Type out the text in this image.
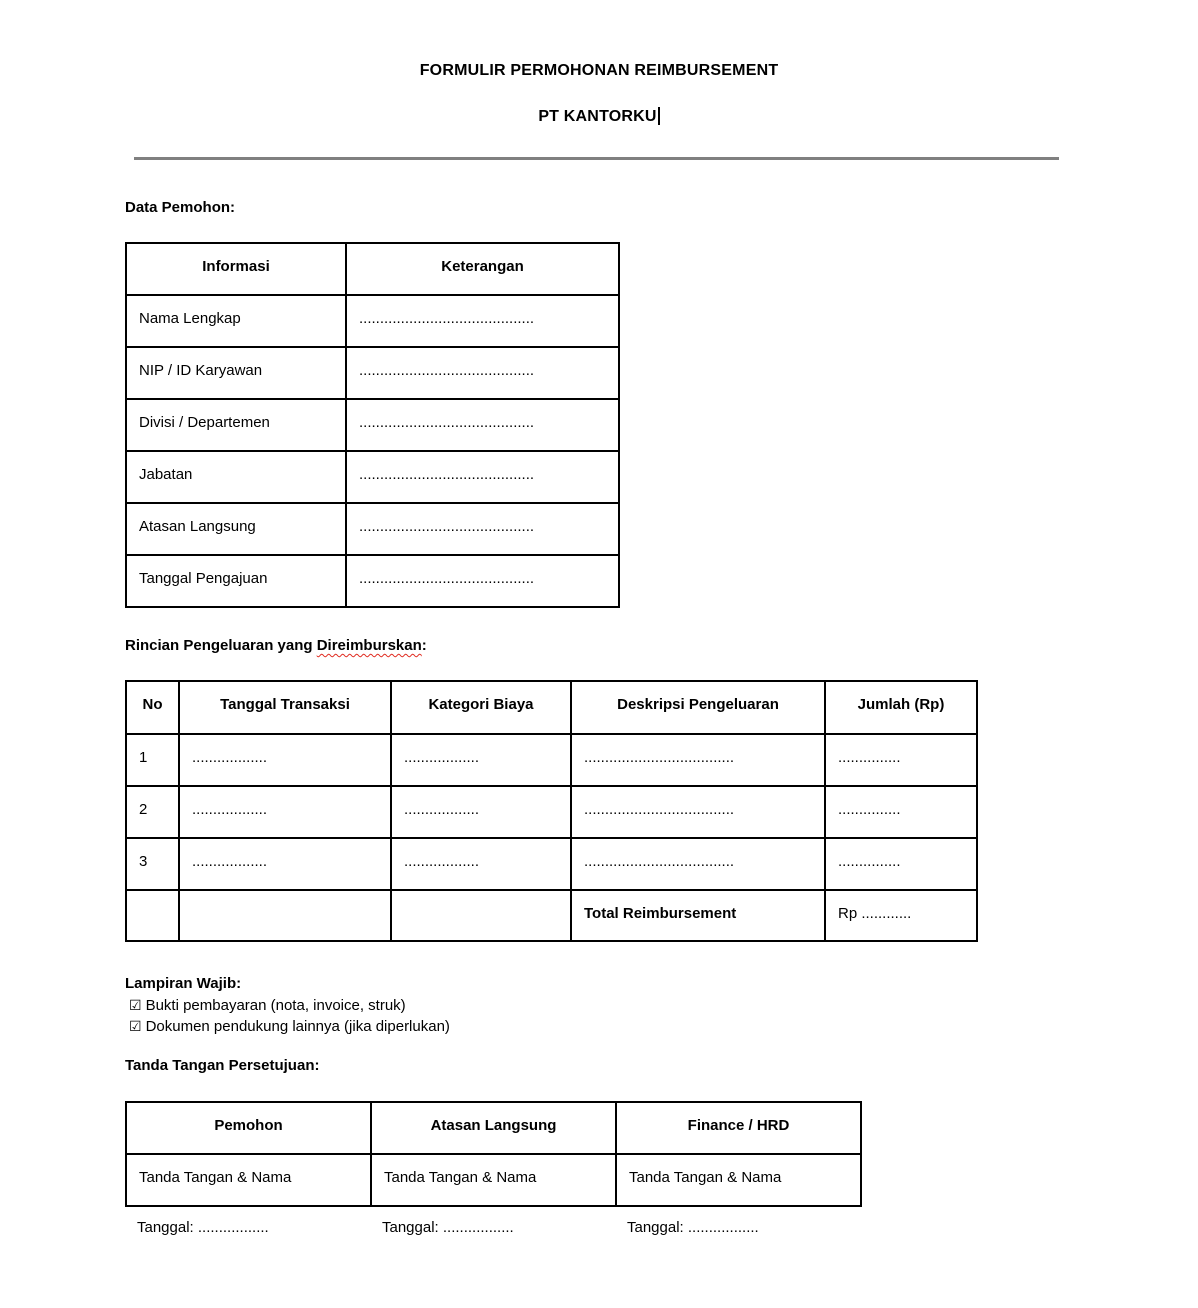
FORMULIR PERMOHONAN REIMBURSEMENT
PT KANTORKU
Data Pemohon:
Informasi	Keterangan
Nama Lengkap	..........................................
NIP / ID Karyawan	..........................................
Divisi / Departemen	..........................................
Jabatan	..........................................
Atasan Langsung	..........................................
Tanggal Pengajuan	..........................................
Rincian Pengeluaran yang Direimburskan:
No	Tanggal Transaksi	Kategori Biaya	Deskripsi Pengeluaran	Jumlah (Rp)
1	..................	..................	....................................	...............
2	..................	..................	....................................	...............
3	..................	..................	....................................	...............
			Total Reimbursement	Rp ............
Lampiran Wajib:
☑ Bukti pembayaran (nota, invoice, struk)
☑ Dokumen pendukung lainnya (jika diperlukan)
Tanda Tangan Persetujuan:
Pemohon	Atasan Langsung	Finance / HRD
Tanda Tangan & Nama	Tanda Tangan & Nama	Tanda Tangan & Nama
Tanggal: .................	Tanggal: .................	Tanggal: .................
